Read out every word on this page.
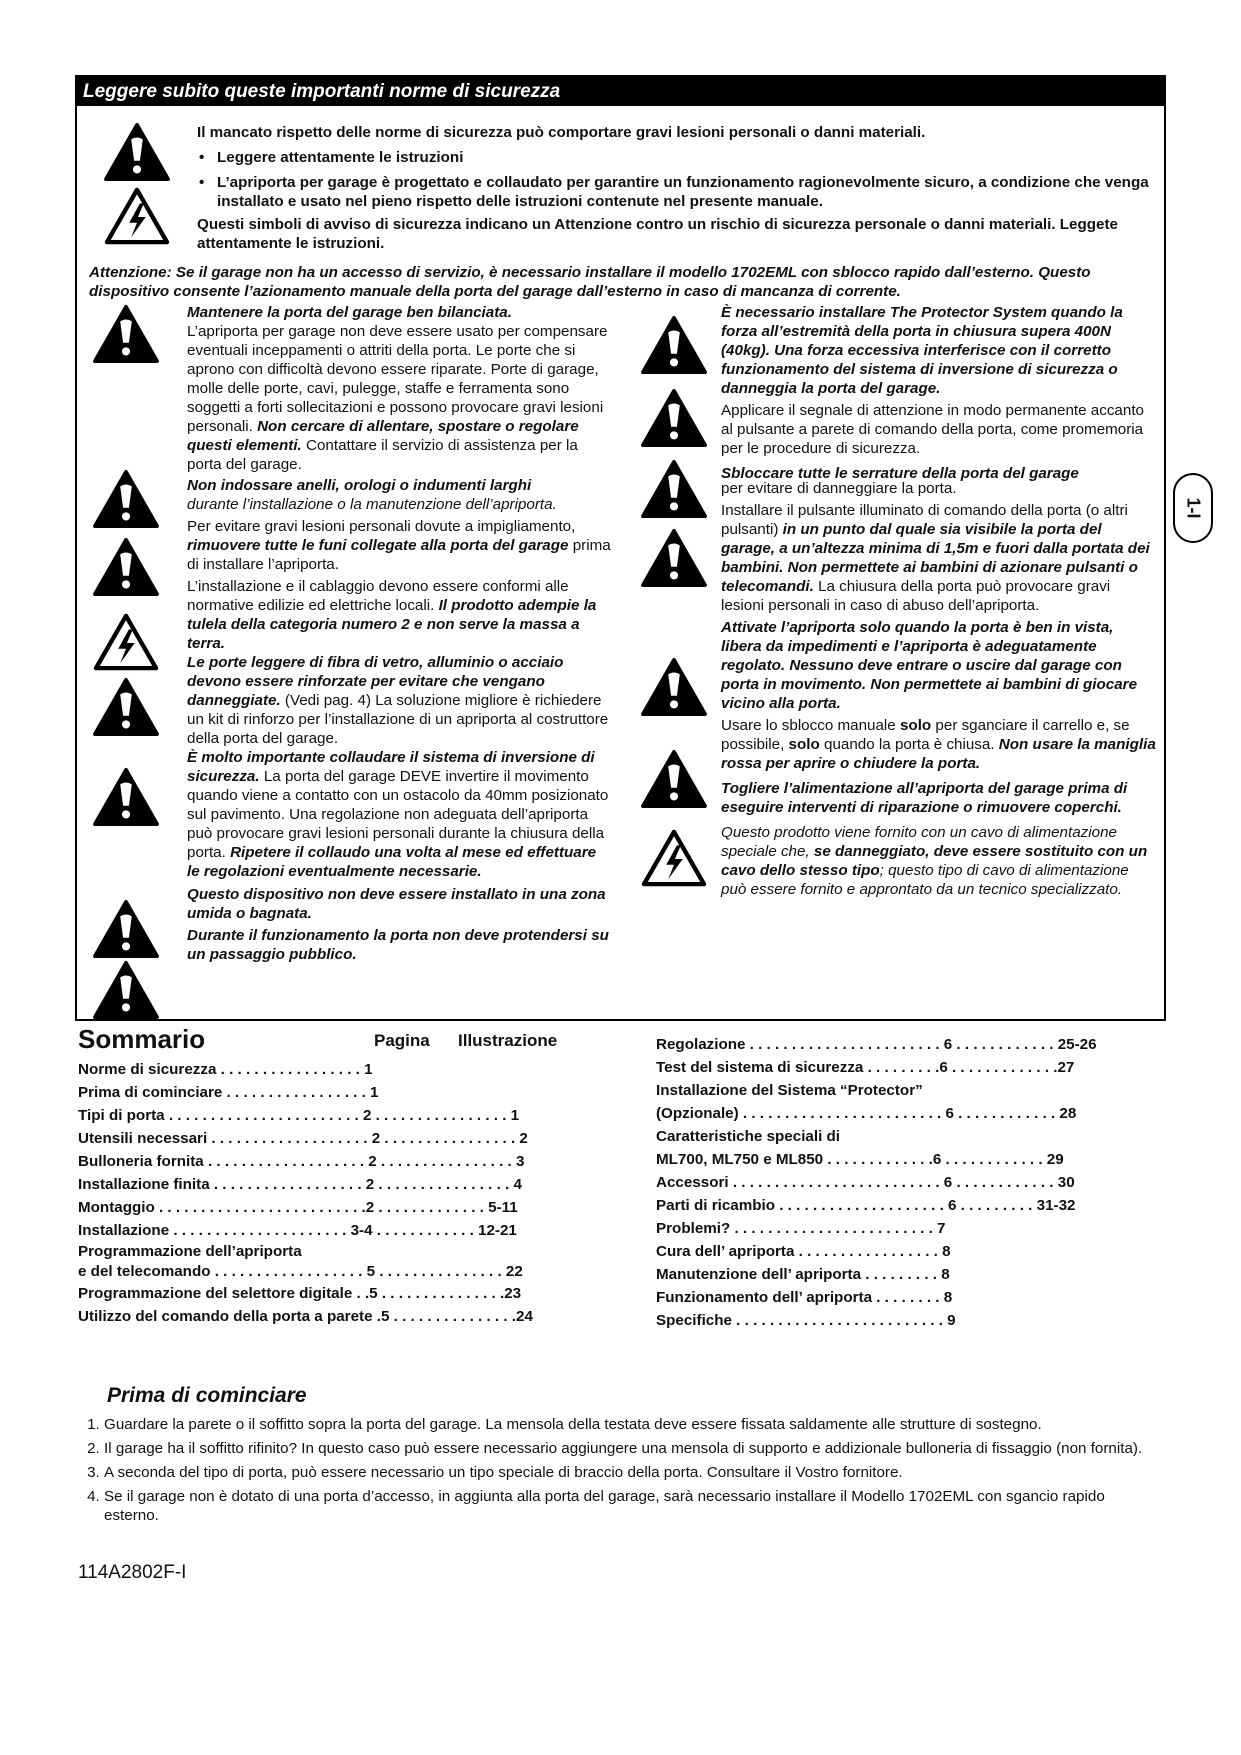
Leggere subito queste importanti norme di sicurezza

Il mancato rispetto delle norme di sicurezza può comportare gravi lesioni personali o danni materiali.

• Leggere attentamente le istruzioni
• L’apriporta per garage è progettato e collaudato per garantire un funzionamento ragionevolmente sicuro, a condizione che venga installato e usato nel pieno rispetto delle istruzioni contenute nel presente manuale.

Questi simboli di avviso di sicurezza indicano un Attenzione contro un rischio di sicurezza personale o danni materiali. Leggete attentamente le istruzioni.

Attenzione: Se il garage non ha un accesso di servizio, è necessario installare il modello 1702EML con sblocco rapido dall’esterno. Questo dispositivo consente l’azionamento manuale della porta del garage dall’esterno in caso di mancanza di corrente.

Mantenere la porta del garage ben bilanciata.
L’apriporta per garage non deve essere usato per compensare eventuali inceppamenti o attriti della porta. Le porte che si aprono con difficoltà devono essere riparate. Porte di garage, molle delle porte, cavi, pulegge, staffe e ferramenta sono soggetti a forti sollecitazioni e possono provocare gravi lesioni personali. Non cercare di allentare, spostare o regolare questi elementi. Contattare il servizio di assistenza per la porta del garage.

Non indossare anelli, orologi o indumenti larghi
durante l’installazione o la manutenzione dell’apriporta.

Per evitare gravi lesioni personali dovute a impigliamento, rimuovere tutte le funi collegate alla porta del garage prima di installare l’apriporta.

L’installazione e il cablaggio devono essere conformi alle normative edilizie ed elettriche locali. Il prodotto adempie la tulela della categoria numero 2 e non serve la massa a terra.

Le porte leggere di fibra di vetro, alluminio o acciaio devono essere rinforzate per evitare che vengano danneggiate. (Vedi pag. 4) La soluzione migliore è richiedere un kit di rinforzo per l’installazione di un apriporta al costruttore della porta del garage.

È molto importante collaudare il sistema di inversione di sicurezza. La porta del garage DEVE invertire il movimento quando viene a contatto con un ostacolo da 40mm posizionato sul pavimento. Una regolazione non adeguata dell’apriporta può provocare gravi lesioni personali durante la chiusura della porta. Ripetere il collaudo una volta al mese ed effettuare le regolazioni eventualmente necessarie.

Questo dispositivo non deve essere installato in una zona umida o bagnata.

Durante il funzionamento la porta non deve protendersi su un passaggio pubblico.

È necessario installare The Protector System quando la forza all’estremità della porta in chiusura supera 400N (40kg). Una forza eccessiva interferisce con il corretto funzionamento del sistema di inversione di sicurezza o danneggia la porta del garage.

Applicare il segnale di attenzione in modo permanente accanto al pulsante a parete di comando della porta, come promemoria per le procedure di sicurezza.

Sbloccare tutte le serrature della porta del garage
per evitare di danneggiare la porta.

Installare il pulsante illuminato di comando della porta (o altri pulsanti) in un punto dal quale sia visibile la porta del garage, a un’altezza minima di 1,5m e fuori dalla portata dei bambini. Non permettete ai bambini di azionare pulsanti o telecomandi. La chiusura della porta può provocare gravi lesioni personali in caso di abuso dell’apriporta.

Attivate l’apriporta solo quando la porta è ben in vista, libera da impedimenti e l’apriporta è adeguatamente regolato. Nessuno deve entrare o uscire dal garage con porta in movimento. Non permettete ai bambini di giocare vicino alla porta.

Usare lo sblocco manuale solo per sganciare il carrello e, se possibile, solo quando la porta è chiusa. Non usare la maniglia rossa per aprire o chiudere la porta.

Togliere l’alimentazione all’apriporta del garage prima di eseguire interventi di riparazione o rimuovere coperchi.

Questo prodotto viene fornito con un cavo di alimentazione speciale che, se danneggiato, deve essere sostituito con un cavo dello stesso tipo; questo tipo di cavo di alimentazione può essere fornito e approntato da un tecnico specializzato.

1-I
Sommario	Pagina Illustrazione
Norme di sicurezza . . . . . . . . . . . . . . . . . 1
Prima di cominciare . . . . . . . . . . . . . . . . . 1
Tipi di porta . . . . . . . . . . . . . . . . . . . . . . . 2 . . . . . . . . . . . . . . . . 1
Utensili necessari . . . . . . . . . . . . . . . . . . . 2 . . . . . . . . . . . . . . . . 2
Bulloneria fornita . . . . . . . . . . . . . . . . . . . 2 . . . . . . . . . . . . . . . . 3
Installazione finita . . . . . . . . . . . . . . . . . . 2 . . . . . . . . . . . . . . . . 4
Montaggio . . . . . . . . . . . . . . . . . . . . . . . . .2 . . . . . . . . . . . . . 5-11
Installazione . . . . . . . . . . . . . . . . . . . . . 3-4 . . . . . . . . . . . . 12-21
Programmazione dell’apriporta
e del telecomando . . . . . . . . . . . . . . . . . . 5 . . . . . . . . . . . . . . . 22
Programmazione del selettore digitale . .5 . . . . . . . . . . . . . . .23
Utilizzo del comando della porta a parete .5 . . . . . . . . . . . . . . .24
Regolazione . . . . . . . . . . . . . . . . . . . . . . . 6 . . . . . . . . . . . . 25-26
Test del sistema di sicurezza . . . . . . . . .6 . . . . . . . . . . . . .27
Installazione del Sistema “Protector”
(Opzionale) . . . . . . . . . . . . . . . . . . . . . . . . 6 . . . . . . . . . . . . 28
Caratteristiche speciali di
ML700, ML750 e ML850 . . . . . . . . . . . . .6 . . . . . . . . . . . . 29
Accessori . . . . . . . . . . . . . . . . . . . . . . . . . 6 . . . . . . . . . . . . 30
Parti di ricambio . . . . . . . . . . . . . . . . . . . . 6 . . . . . . . . . 31-32
Problemi? . . . . . . . . . . . . . . . . . . . . . . . . 7
Cura dell’ apriporta . . . . . . . . . . . . . . . . . 8
Manutenzione dell’ apriporta . . . . . . . . . 8
Funzionamento dell’ apriporta . . . . . . . . 8
Specifiche . . . . . . . . . . . . . . . . . . . . . . . . . 9
Prima di cominciare
1. Guardare la parete o il soffitto sopra la porta del garage. La mensola della testata deve essere fissata saldamente alle strutture di sostegno.
2. Il garage ha il soffitto rifinito? In questo caso può essere necessario aggiungere una mensola di supporto e addizionale bulloneria di fissaggio (non fornita).
3. A seconda del tipo di porta, può essere necessario un tipo speciale di braccio della porta. Consultare il Vostro fornitore.
4. Se il garage non è dotato di una porta d’accesso, in aggiunta alla porta del garage, sarà necessario installare il Modello 1702EML con sgancio rapido esterno.
114A2802F-I
